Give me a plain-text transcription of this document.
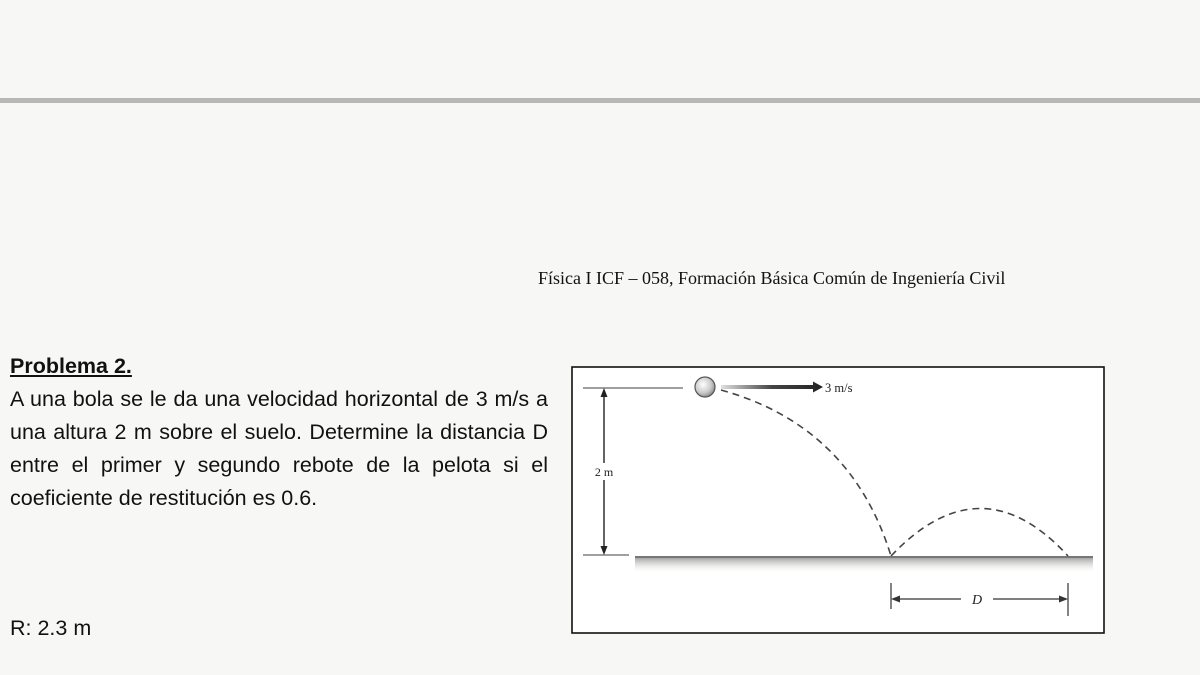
Física I ICF – 058, Formación Básica Común de Ingeniería Civil
Problema 2.
A una bola se le da una velocidad horizontal de 3 m/s a una altura 2 m sobre el suelo. Determine la distancia D entre el primer y segundo rebote de la pelota si el coeficiente de restitución es 0.6.
R: 2.3 m
2 m
3 m/s
D
